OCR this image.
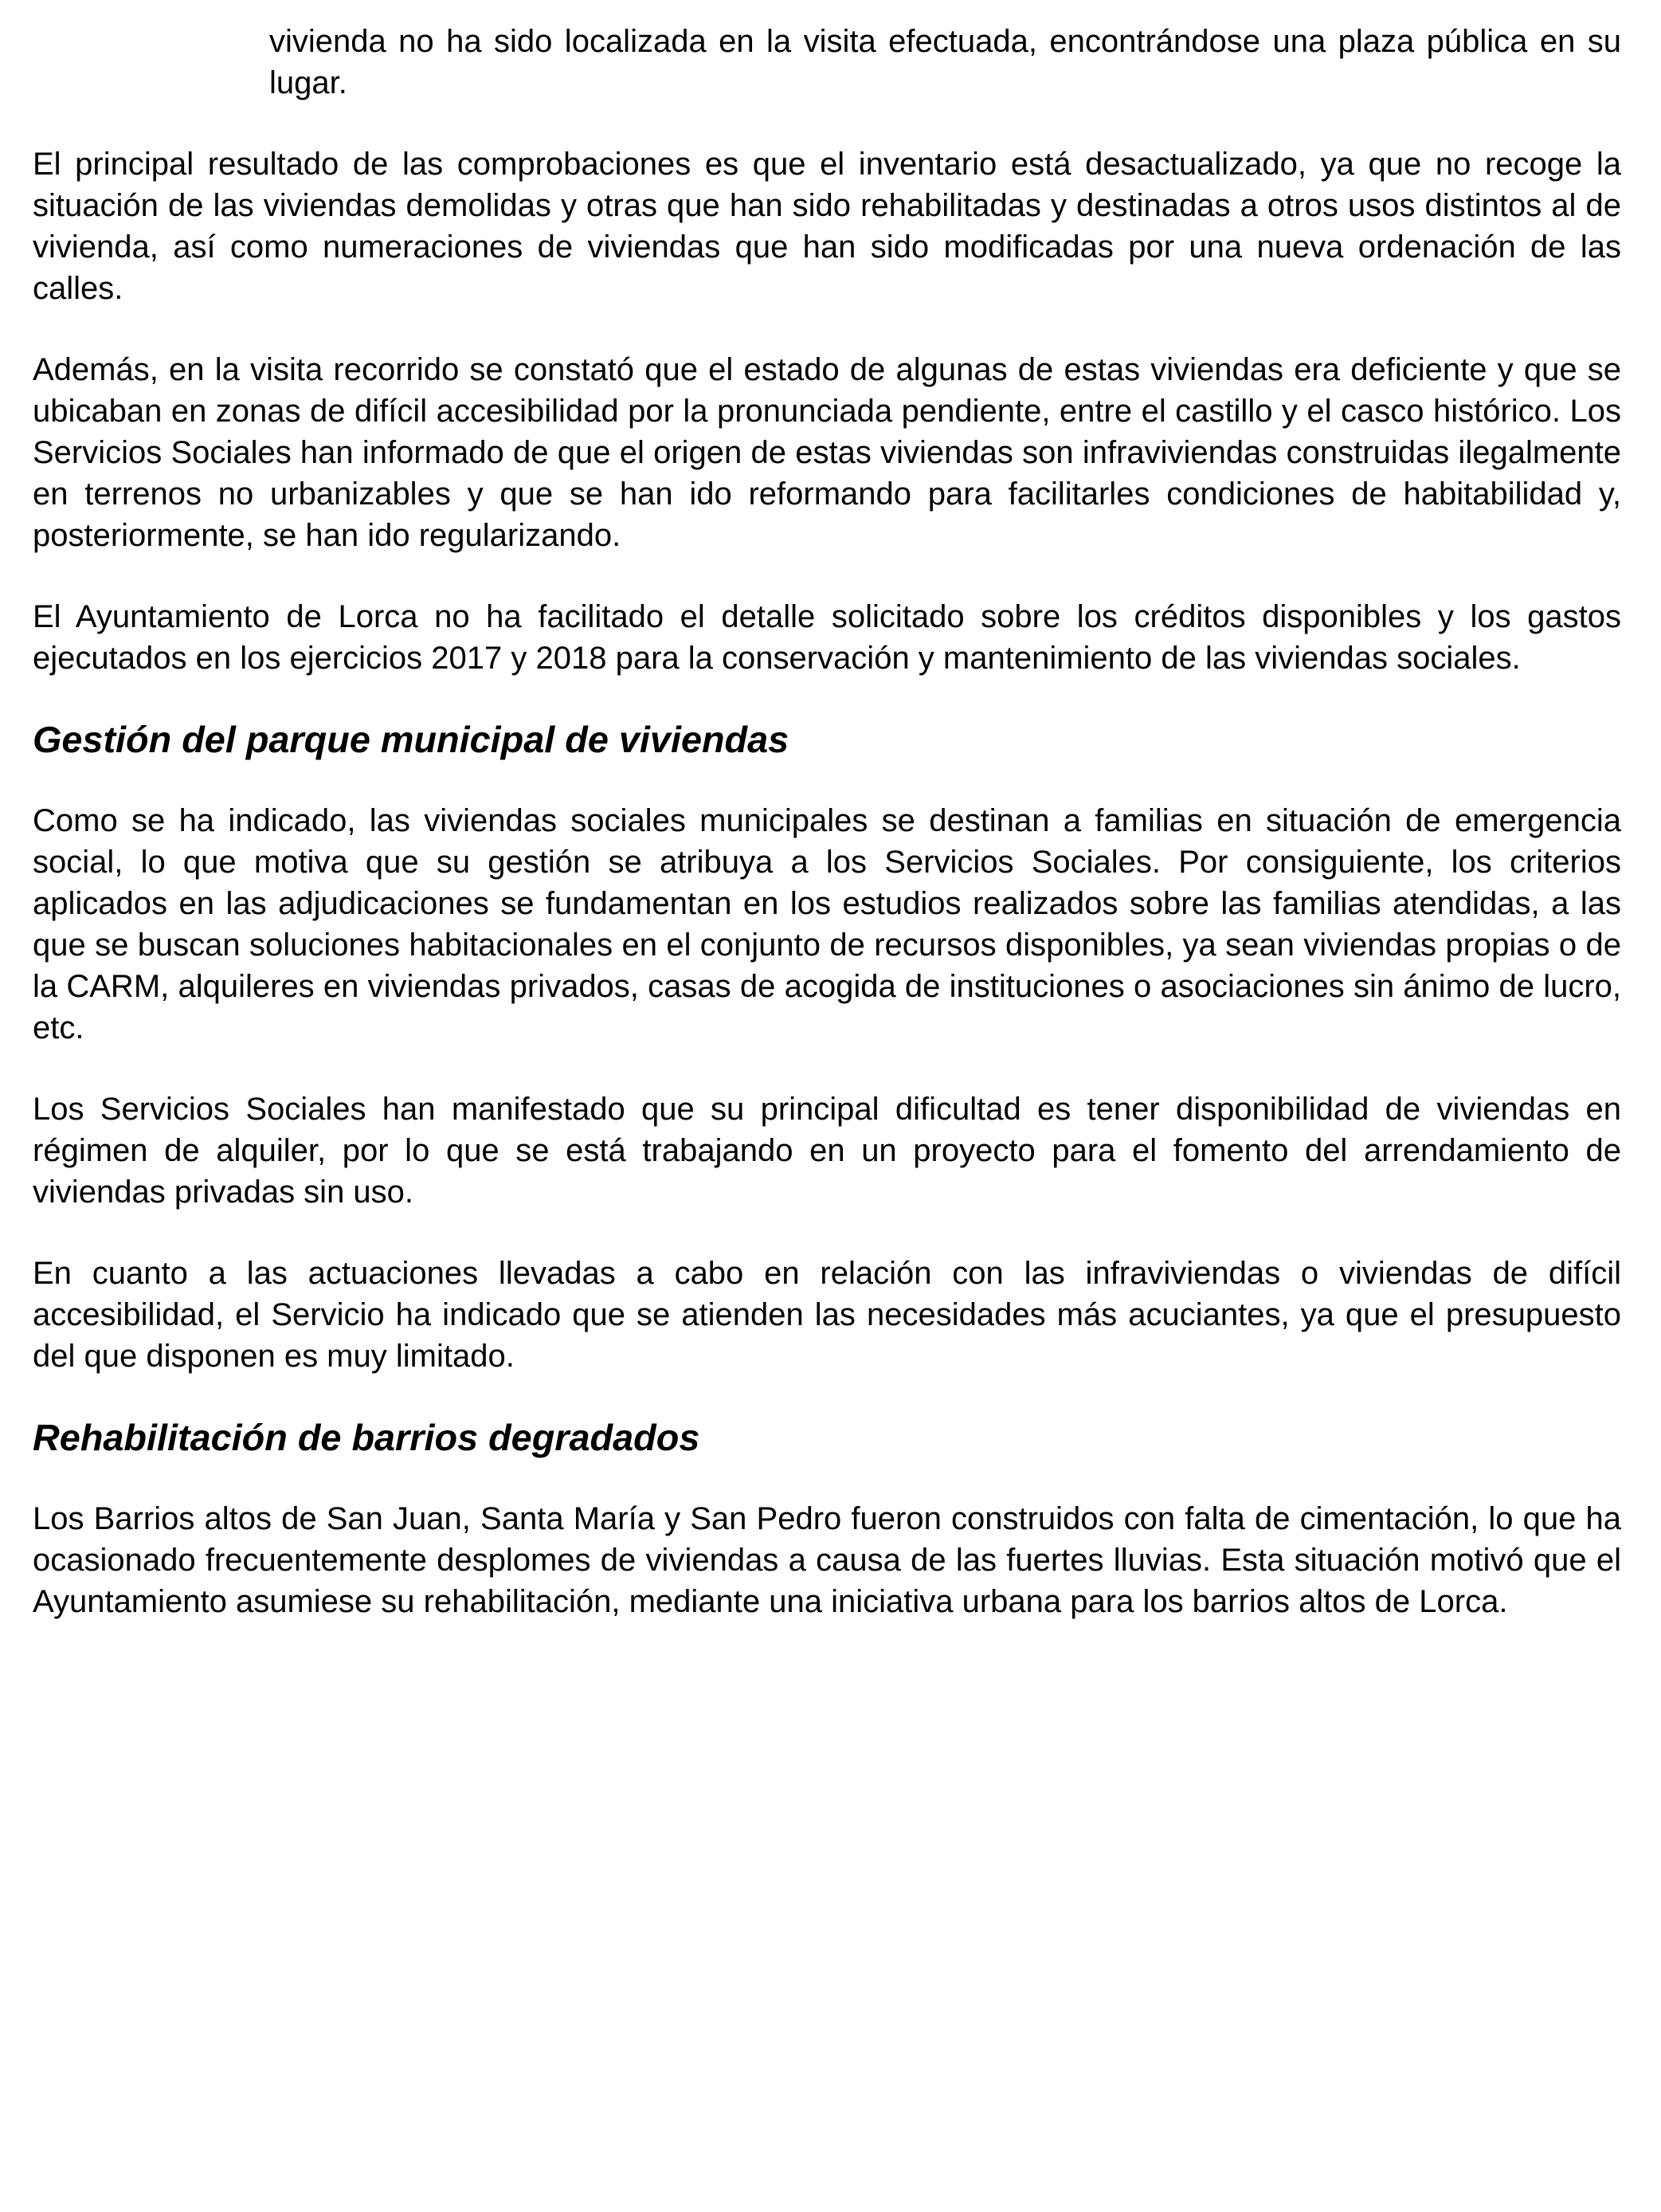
vivienda no ha sido localizada en la visita efectuada, encontrándose una plaza pública en su lugar.

El principal resultado de las comprobaciones es que el inventario está desactualizado, ya que no recoge la situación de las viviendas demolidas y otras que han sido rehabilitadas y destinadas a otros usos distintos al de vivienda, así como numeraciones de viviendas que han sido modificadas por una nueva ordenación de las calles.

Además, en la visita recorrido se constató que el estado de algunas de estas viviendas era deficiente y que se ubicaban en zonas de difícil accesibilidad por la pronunciada pendiente, entre el castillo y el casco histórico. Los Servicios Sociales han informado de que el origen de estas viviendas son infraviviendas construidas ilegalmente en terrenos no urbanizables y que se han ido reformando para facilitarles condiciones de habitabilidad y, posteriormente, se han ido regularizando.

El Ayuntamiento de Lorca no ha facilitado el detalle solicitado sobre los créditos disponibles y los gastos ejecutados en los ejercicios 2017 y 2018 para la conservación y mantenimiento de las viviendas sociales.

Gestión del parque municipal de viviendas

Como se ha indicado, las viviendas sociales municipales se destinan a familias en situación de emergencia social, lo que motiva que su gestión se atribuya a los Servicios Sociales. Por consiguiente, los criterios aplicados en las adjudicaciones se fundamentan en los estudios realizados sobre las familias atendidas, a las que se buscan soluciones habitacionales en el conjunto de recursos disponibles, ya sean viviendas propias o de la CARM, alquileres en viviendas privados, casas de acogida de instituciones o asociaciones sin ánimo de lucro, etc.

Los Servicios Sociales han manifestado que su principal dificultad es tener disponibilidad de viviendas en régimen de alquiler, por lo que se está trabajando en un proyecto para el fomento del arrendamiento de viviendas privadas sin uso.

En cuanto a las actuaciones llevadas a cabo en relación con las infraviviendas o viviendas de difícil accesibilidad, el Servicio ha indicado que se atienden las necesidades más acuciantes, ya que el presupuesto del que disponen es muy limitado.

Rehabilitación de barrios degradados

Los Barrios altos de San Juan, Santa María y San Pedro fueron construidos con falta de cimentación, lo que ha ocasionado frecuentemente desplomes de viviendas a causa de las fuertes lluvias. Esta situación motivó que el Ayuntamiento asumiese su rehabilitación, mediante una iniciativa urbana para los barrios altos de Lorca.
